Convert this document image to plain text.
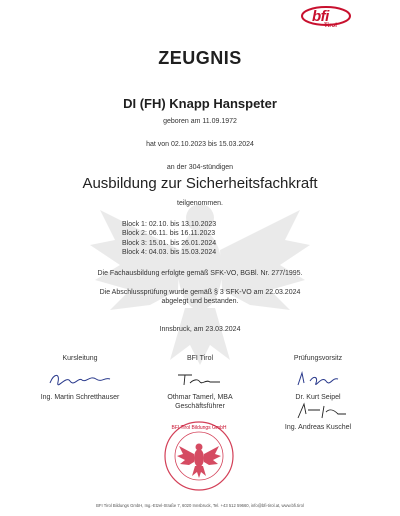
bfi
Tirol
ZEUGNIS
DI (FH) Knapp Hanspeter
geboren am 11.09.1972
hat von 02.10.2023 bis 15.03.2024
an der 304-stündigen
Ausbildung zur Sicherheitsfachkraft
teilgenommen.
Block 1: 02.10. bis 13.10.2023
Block 2: 06.11. bis 16.11.2023
Block 3: 15.01. bis 26.01.2024
Block 4: 04.03. bis 15.03.2024
Die Fachausbildung erfolgte gemäß SFK-VO, BGBl. Nr. 277/1995.
Die Abschlussprüfung wurde gemäß § 3 SFK-VO am 22.03.2024
abgelegt und bestanden.
Innsbruck, am 23.03.2024
Kursleitung
Ing. Martin Schretthauser
BFI Tirol
Othmar Tamerl, MBA
Geschäftsführer
Prüfungsvorsitz
Dr. Kurt Seipel
Ing. Andreas Kuschel
BFI Tirol Bildungs GmbH
BFI Tirol Bildungs GmbH, Ing.-Etzel-Straße 7, 6020 Innsbruck, Tel. +43 512 59660, info@bfi-tirol.at, www.bfi.tirol
